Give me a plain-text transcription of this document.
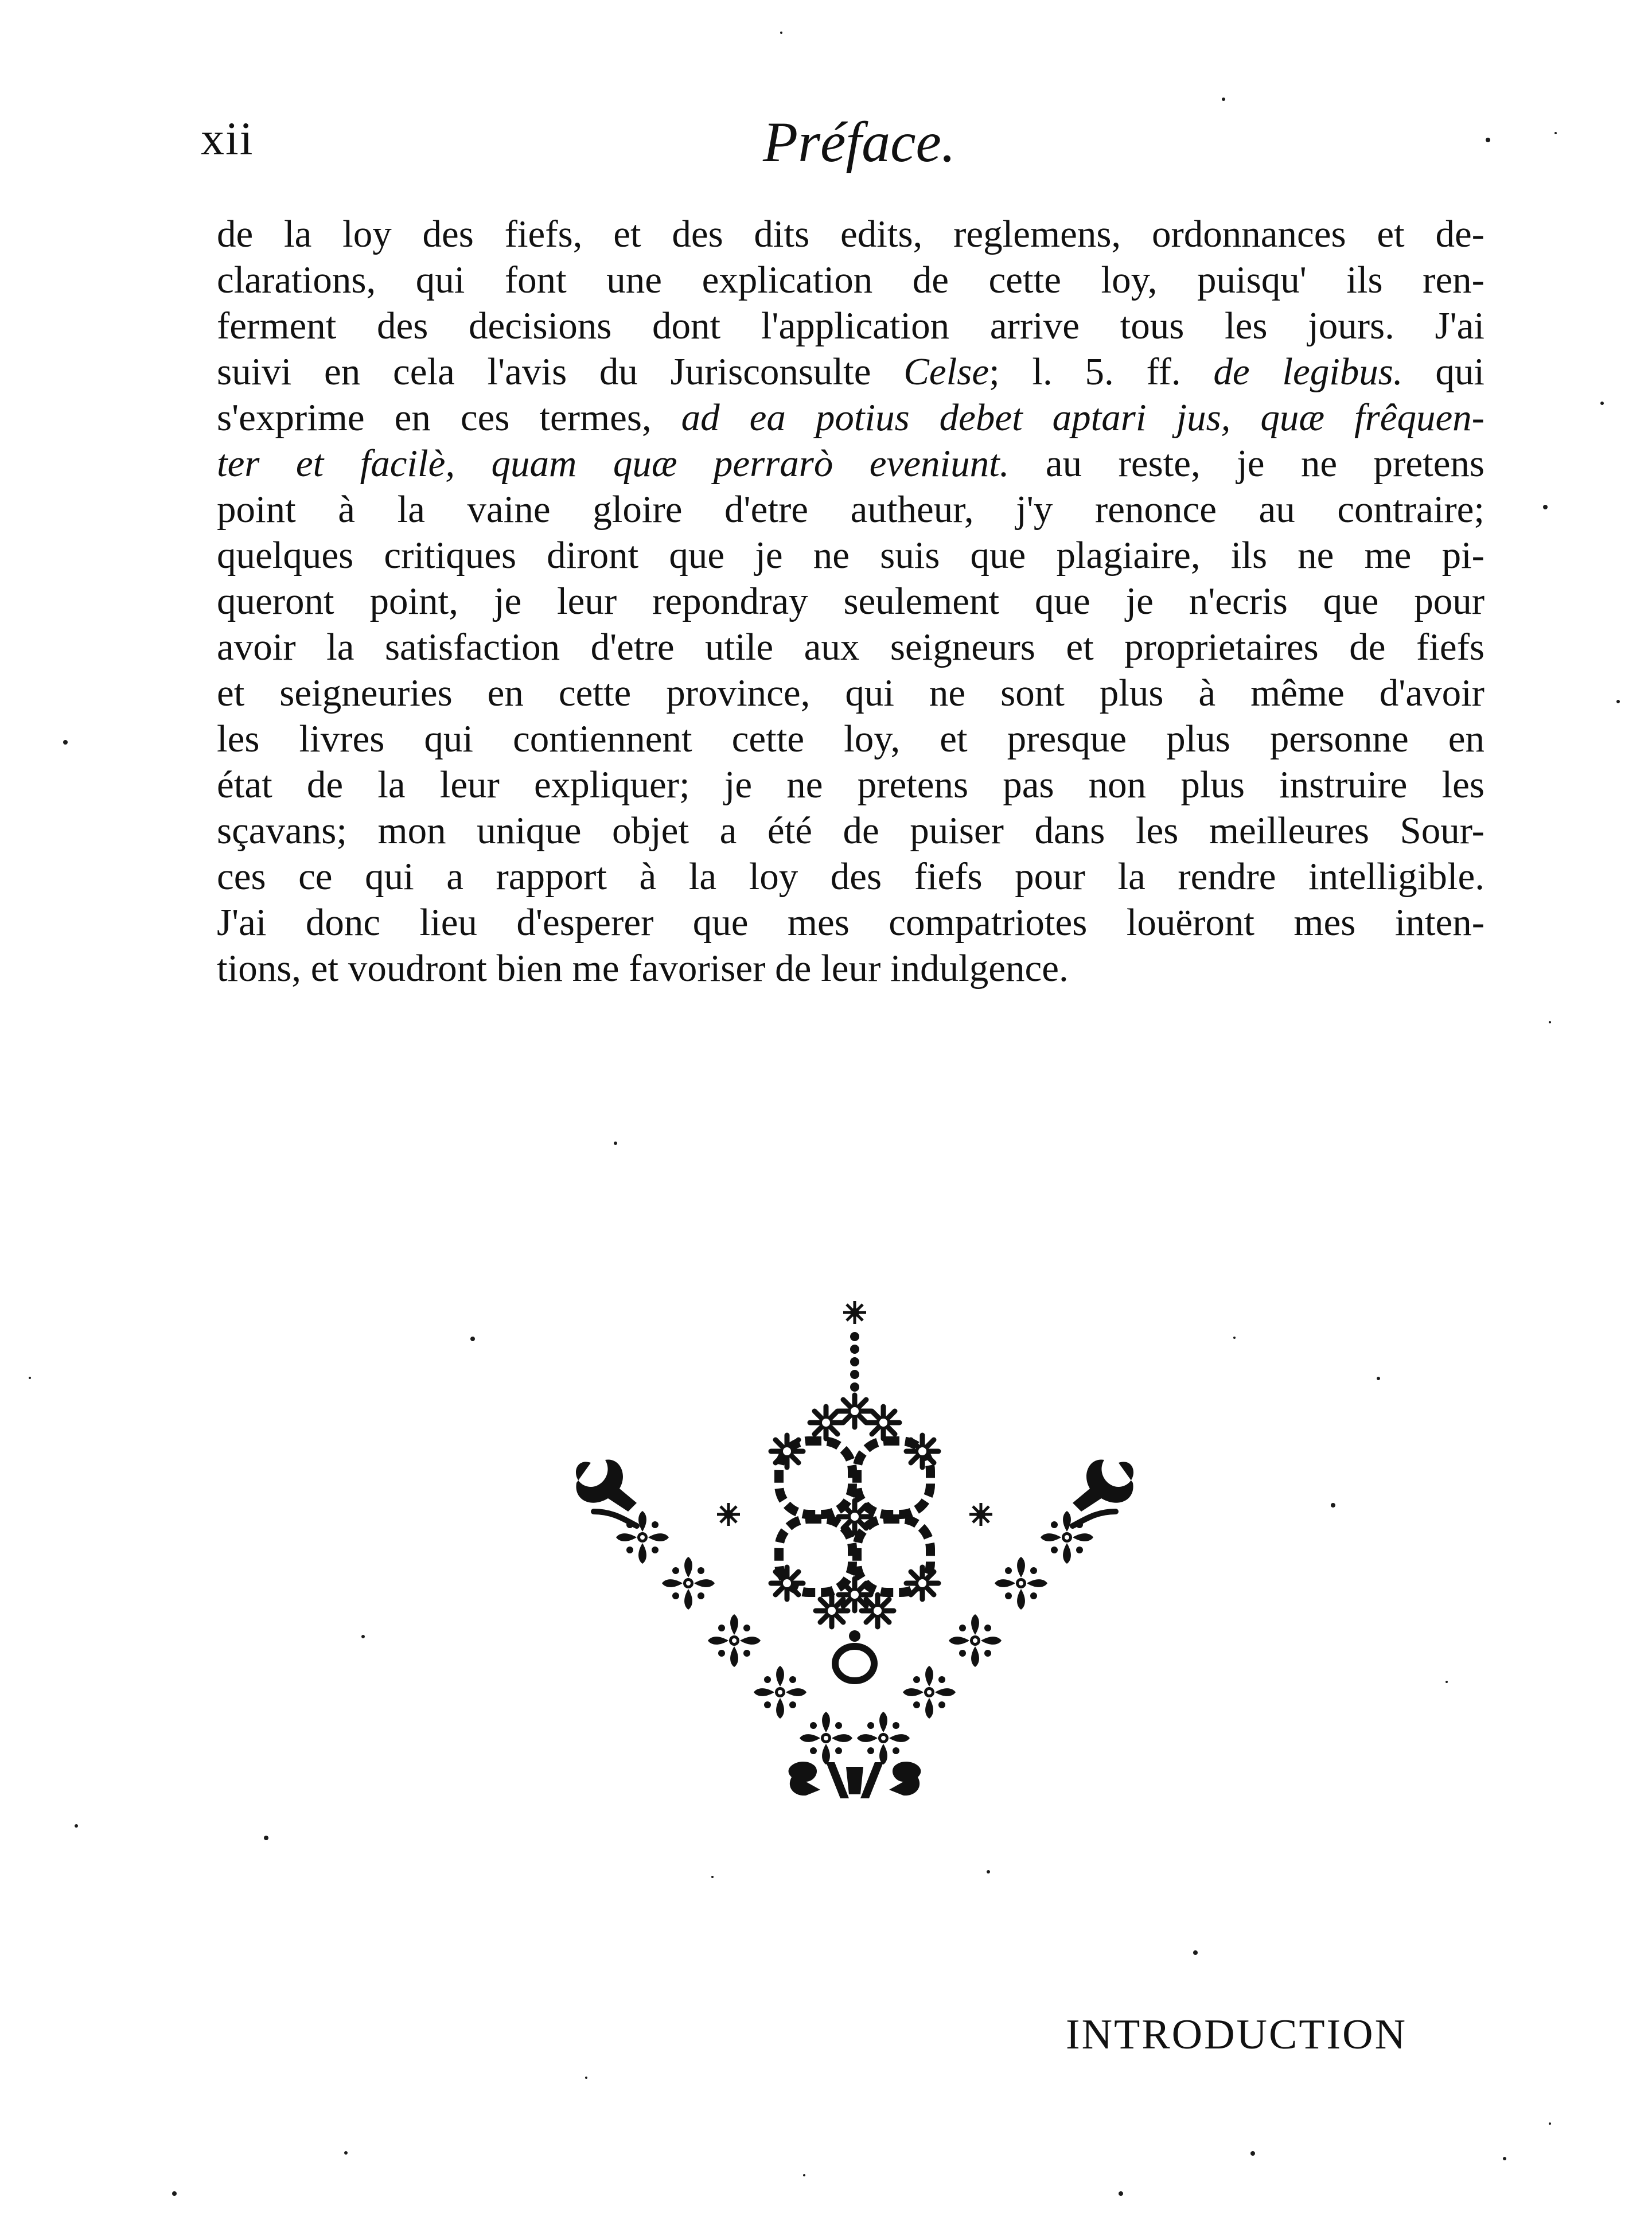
xii	Préface.
de la loy des fiefs, et des dits edits, reglemens, ordonnances et de-
clarations, qui font une explication de cette loy, puisqu' ils ren-
ferment des decisions dont l'application arrive tous les jours. J'ai
suivi en cela l'avis du Jurisconsulte Celse; l. 5. ff. de legibus. qui
s'exprime en ces termes, ad ea potius debet aptari jus, quæ frêquen-
ter et facilè, quam quæ perrarò eveniunt. au reste, je ne pretens
point à la vaine gloire d'etre autheur, j'y renonce au contraire;
quelques critiques diront que je ne suis que plagiaire, ils ne me pi-
queront point, je leur repondray seulement que je n'ecris que pour
avoir la satisfaction d'etre utile aux seigneurs et proprietaires de fiefs
et seigneuries en cette province, qui ne sont plus à même d'avoir
les livres qui contiennent cette loy, et presque plus personne en
état de la leur expliquer; je ne pretens pas non plus instruire les
sçavans; mon unique objet a été de puiser dans les meilleures Sour-
ces ce qui a rapport à la loy des fiefs pour la rendre intelligible.
J'ai donc lieu d'esperer que mes compatriotes louëront mes inten-
tions, et voudront bien me favoriser de leur indulgence.
INTRODUCTION
